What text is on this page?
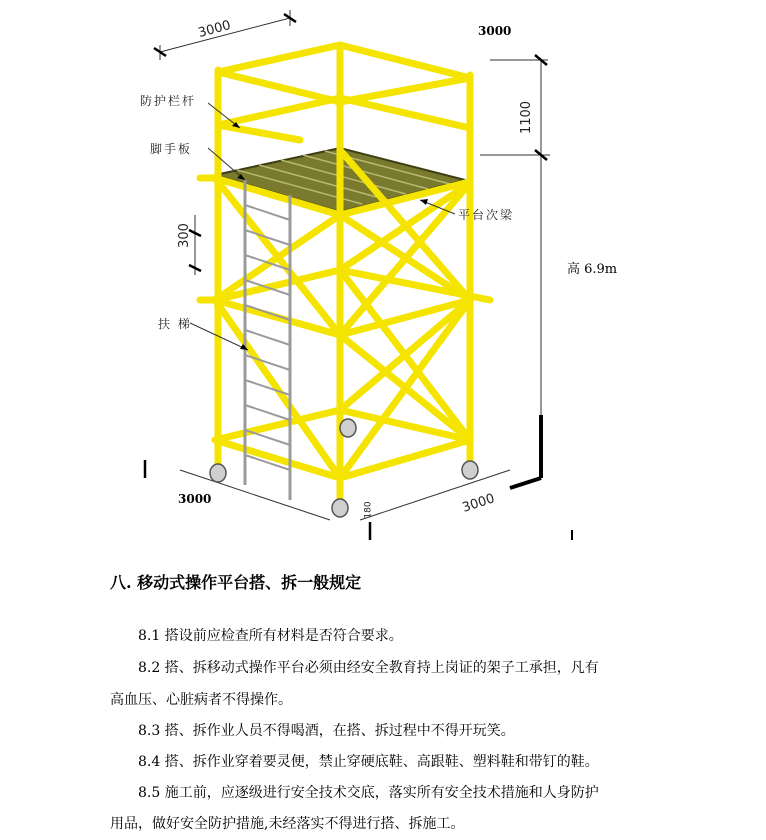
3000	3000
1100
300
3000	3000
180
高 6.9m
防护栏杆
脚手板
平台次梁
扶 梯
八. 移动式操作平台搭、拆一般规定
8.1 搭设前应检查所有材料是否符合要求。
8.2 搭、拆移动式操作平台必须由经安全教育持上岗证的架子工承担，凡有
高血压、心脏病者不得操作。
8.3 搭、拆作业人员不得喝酒，在搭、拆过程中不得开玩笑。
8.4 搭、拆作业穿着要灵便，禁止穿硬底鞋、高跟鞋、塑料鞋和带钉的鞋。
8.5 施工前，应逐级进行安全技术交底，落实所有安全技术措施和人身防护
用品，做好安全防护措施,未经落实不得进行搭、拆施工。
